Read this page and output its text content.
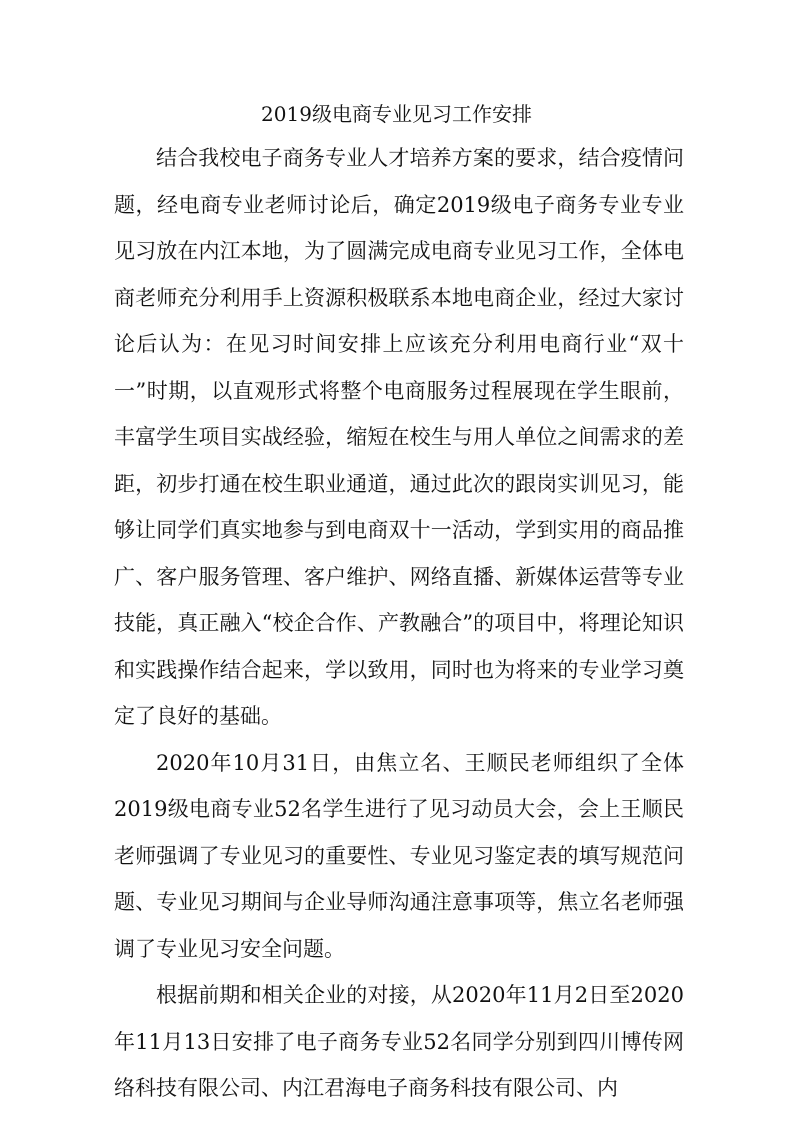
2019级电商专业见习工作安排

结合我校电子商务专业人才培养方案的要求，结合疫情问题，经电商专业老师讨论后，确定2019级电子商务专业专业见习放在内江本地，为了圆满完成电商专业见习工作，全体电商老师充分利用手上资源积极联系本地电商企业，经过大家讨论后认为：在见习时间安排上应该充分利用电商行业“双十一”时期，以直观形式将整个电商服务过程展现在学生眼前，丰富学生项目实战经验，缩短在校生与用人单位之间需求的差距，初步打通在校生职业通道，通过此次的跟岗实训见习，能够让同学们真实地参与到电商双十一活动，学到实用的商品推广、客户服务管理、客户维护、网络直播、新媒体运营等专业技能，真正融入“校企合作、产教融合”的项目中，将理论知识和实践操作结合起来，学以致用，同时也为将来的专业学习奠定了良好的基础。

2020年10月31日，由焦立名、王顺民老师组织了全体2019级电商专业52名学生进行了见习动员大会，会上王顺民老师强调了专业见习的重要性、专业见习鉴定表的填写规范问题、专业见习期间与企业导师沟通注意事项等，焦立名老师强调了专业见习安全问题。

根据前期和相关企业的对接，从2020年11月2日至2020年11月13日安排了电子商务专业52名同学分别到四川博传网络科技有限公司、内江君海电子商务科技有限公司、内
